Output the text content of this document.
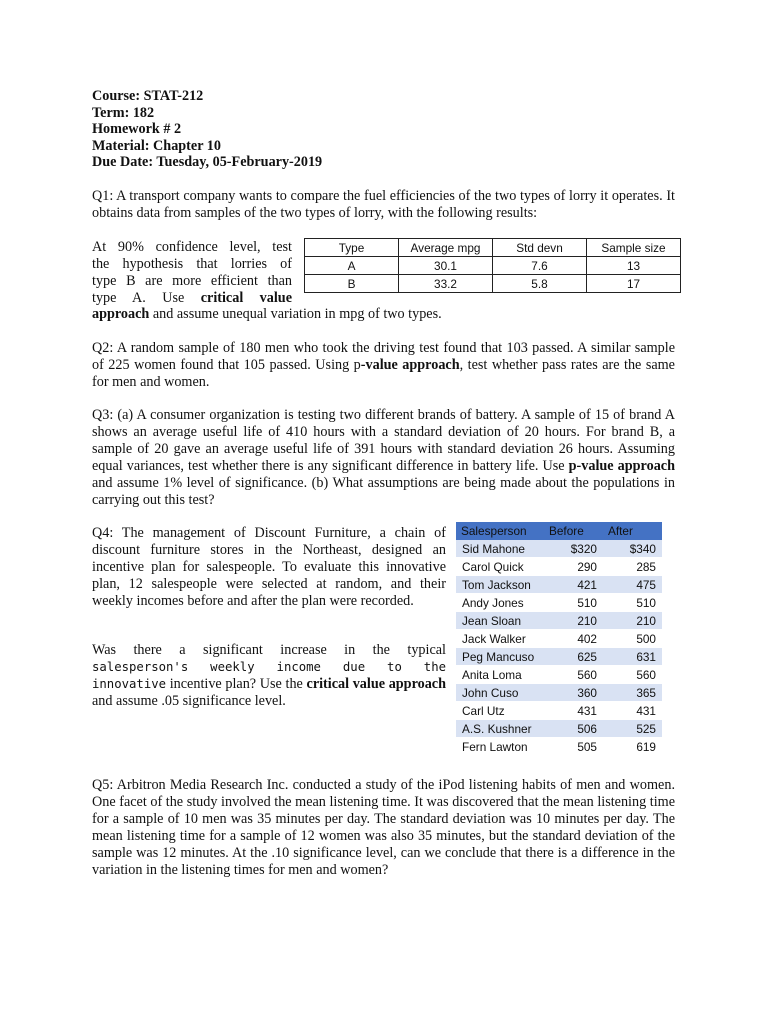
Course: STAT-212
Term: 182
Homework # 2
Material: Chapter 10
Due Date: Tuesday, 05-February-2019
Q1: A transport company wants to compare the fuel efficiencies of the two types of lorry it operates. It obtains data from samples of the two types of lorry, with the following results:
At 90% confidence level, test
the hypothesis that lorries of
type B are more efficient than
type A. Use critical value
approach and assume unequal variation in mpg of two types.
Type	Average mpg	Std devn	Sample size
A	30.1	7.6	13
B	33.2	5.8	17
Q2: A random sample of 180 men who took the driving test found that 103 passed. A similar sample of 225 women found that 105 passed. Using p-value approach, test whether pass rates are the same for men and women.
Q3: (a) A consumer organization is testing two different brands of battery. A sample of 15 of brand A shows an average useful life of 410 hours with a standard deviation of 20 hours. For brand B, a sample of 20 gave an average useful life of 391 hours with standard deviation 26 hours. Assuming equal variances, test whether there is any significant difference in battery life. Use p-value approach and assume 1% level of significance. (b) What assumptions are being made about the populations in carrying out this test?
Q4: The management of Discount Furniture, a chain of discount furniture stores in the Northeast, designed an incentive plan for salespeople. To evaluate this innovative plan, 12 salespeople were selected at random, and their weekly incomes before and after the plan were recorded.
Was there a significant increase in the typical salesperson's weekly income due to the innovative incentive plan? Use the critical value approach and assume .05 significance level.
Salesperson	Before	After
Sid Mahone	$320	$340
Carol Quick	290	285
Tom Jackson	421	475
Andy Jones	510	510
Jean Sloan	210	210
Jack Walker	402	500
Peg Mancuso	625	631
Anita Loma	560	560
John Cuso	360	365
Carl Utz	431	431
A.S. Kushner	506	525
Fern Lawton	505	619
Q5: Arbitron Media Research Inc. conducted a study of the iPod listening habits of men and women. One facet of the study involved the mean listening time. It was discovered that the mean listening time for a sample of 10 men was 35 minutes per day. The standard deviation was 10 minutes per day. The mean listening time for a sample of 12 women was also 35 minutes, but the standard deviation of the sample was 12 minutes. At the .10 significance level, can we conclude that there is a difference in the variation in the listening times for men and women?
